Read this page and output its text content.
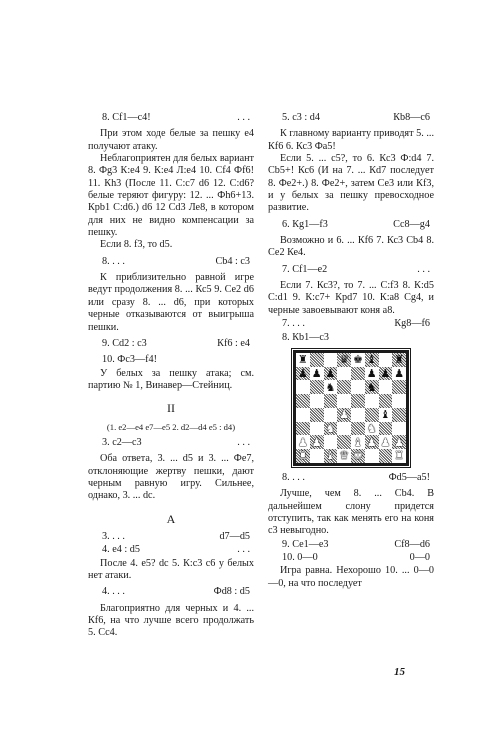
8. Cf1—c4!	. . .

При этом ходе белые за пешку е4 получают атаку.

Неблагоприятен для белых вариант 8. Фg3 К:е4 9. К:е4 Л:е4 10. Сf4 Фf6! 11. Кh3 (После 11. С:с7 d6 12. С:d6? белые теряют фигуру: 12. ... Фh6+13. Крb1 С:d6.) d6 12 Cd3 Ле8, в котором для них не видно компенсации за пешку.

Если 8. f3, то d5.

8. . . .	Сb4 : с3

К приблизительно равной игре ведут продолжения 8. ... Кс5 9. Се2 d6 или сразу 8. ... d6, при которых черные отказываются от выигрыша пешки.

9. Cd2 : с3	Кf6 : е4
10. Фс3—f4!

У белых за пешку атака; см. партию № 1, Винавер—Стейниц.

II
(1. е2—е4 е7—е5 2. d2—d4 е5 : d4)
3. с2—с3	. . .

Оба ответа, 3. ... d5 и 3. ... Фе7, отклоняющие жертву пешки, дают черным равную игру. Сильнее, однако, 3. ... dc.

А
3. . . .	d7—d5
4. е4 : d5	. . .

После 4. е5? dc 5. К:с3 с6 у белых нет атаки.

4. . . .	Фd8 : d5

Благоприятно для черных и 4. ... Кf6, на что лучше всего продолжать 5. Сс4.

5. с3 : d4	Кb8—с6

К главному варианту приводят 5. ... Кf6 6. Кс3 Фа5!

Если 5. ... с5?, то 6. Кс3 Ф:d4 7. Сb5+! Кс6 (И на 7. ... Кd7 последует 8. Фе2+.) 8. Фе2+, затем Се3 или Кf3, и у белых за пешку превосходное развитие.

6. Кg1—f3	Сс8—g4

Возможно и 6. ... Кf6 7. Кс3 Сb4 8. Се2 Ке4.

7. Cf1—e2	. . .

Если 7. Кс3?, то 7. ... С:f3 8. К:d5 С:d1 9. К:с7+ Крd7 10. К:а8 Сg4, и черные завоевывают коня а8.

7. . . .	Кg8—f6
8. Кb1—с3
♜	♛ ♚ ♝ ♜
♟ ♟ ♟	♟ ♟ ♟
♞	♞
♟	♝
♞	♞
♟ ♟	♝ ♟ ♟ ♟
♜ ♝ ♛ ♚	♜
8. . . .	Фd5—а5!

Лучше, чем 8. ... Сb4. В дальнейшем слону придется отступить, так как менять его на коня с3 невыгодно.

9. Се1—е3	Сf8—d6
10. 0—0	0—0

Игра равна. Нехорошо 10. ... 0—0—0, на что последует

15
